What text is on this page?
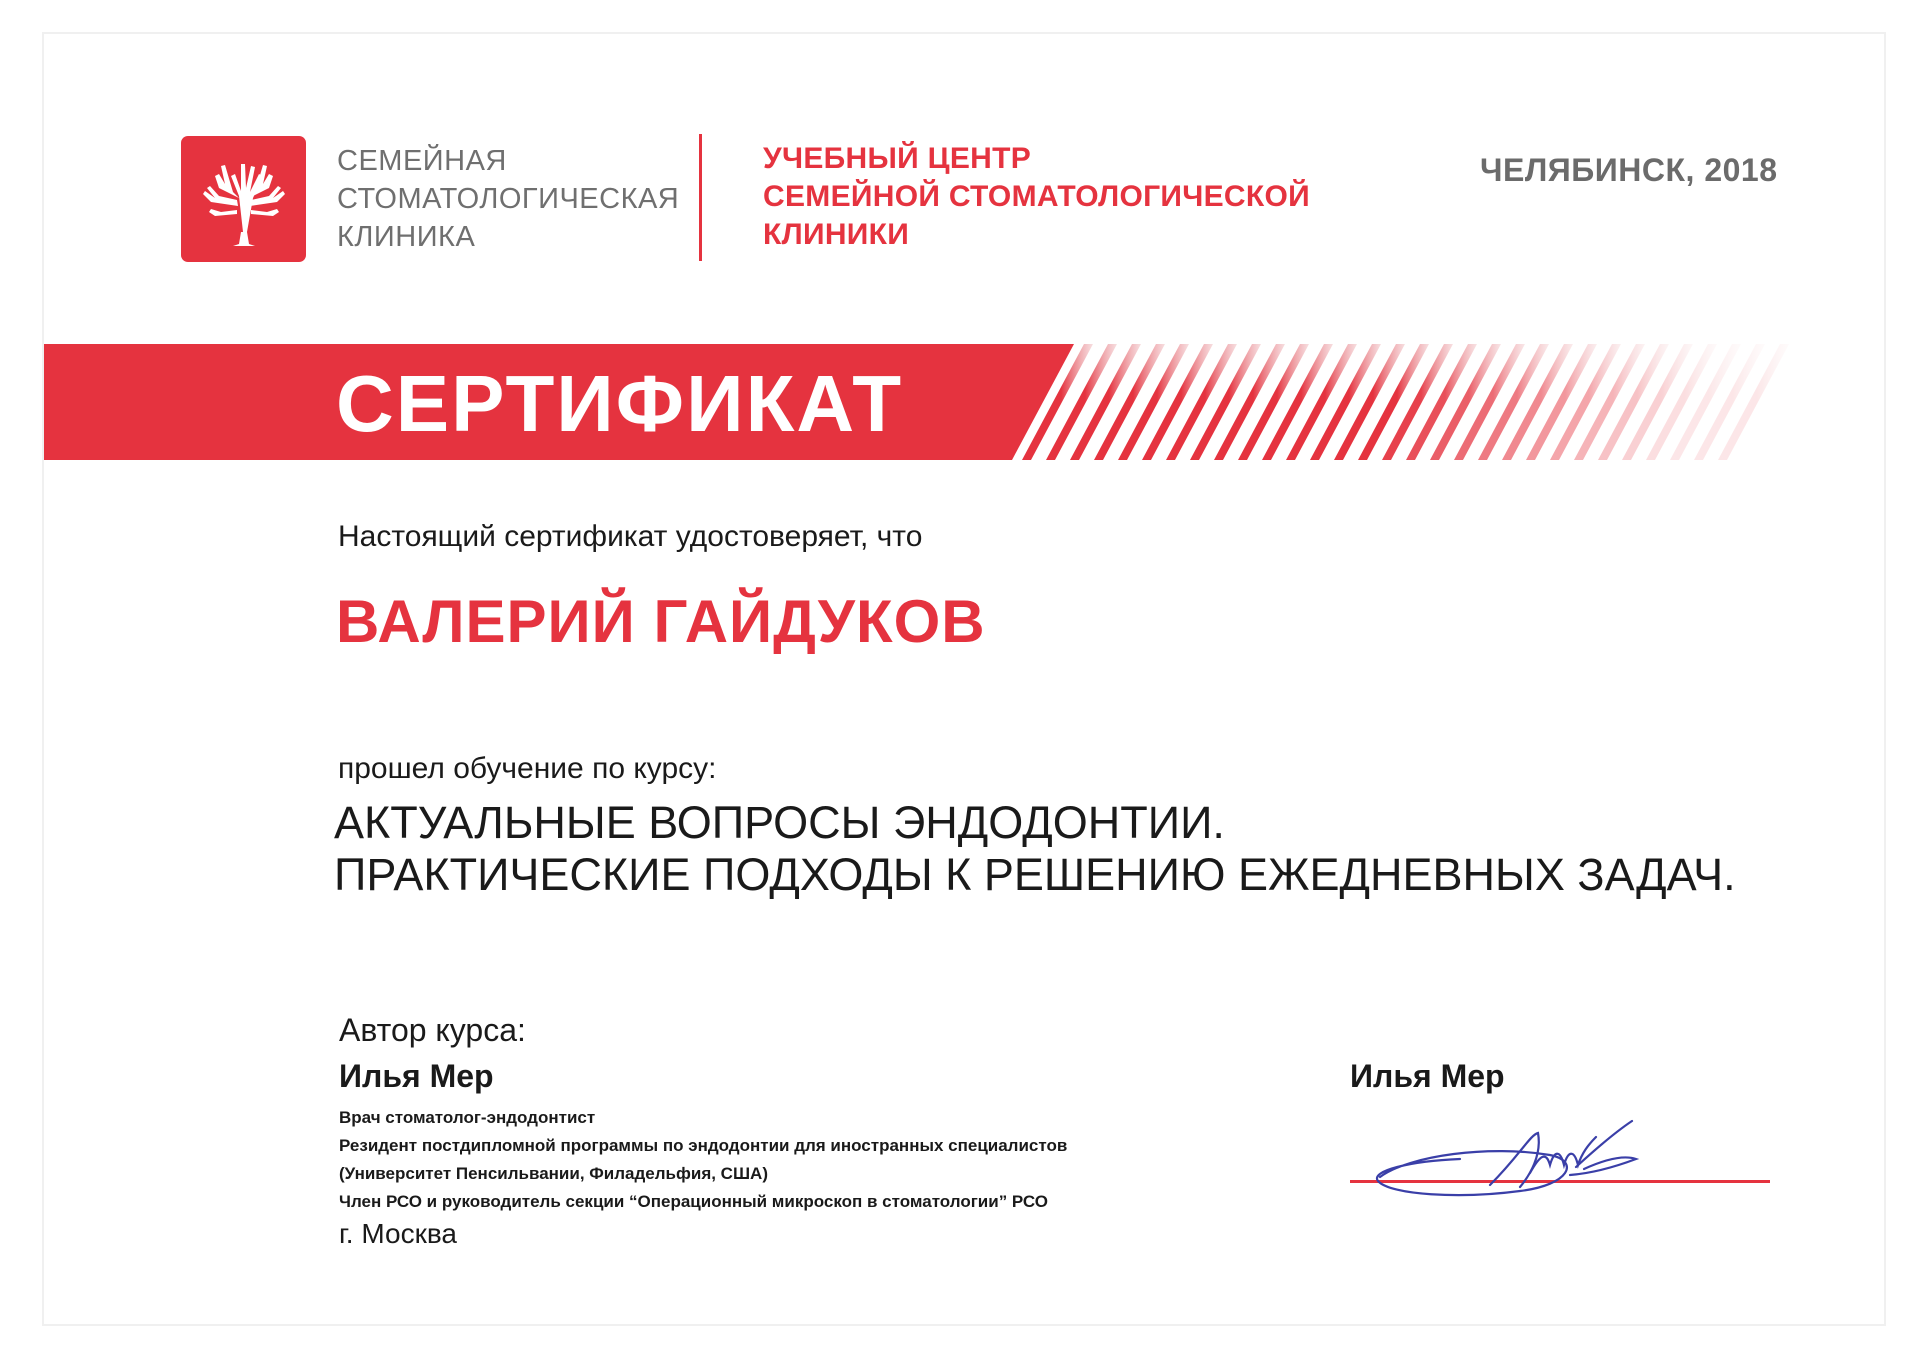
СЕМЕЙНАЯ
СТОМАТОЛОГИЧЕСКАЯ
КЛИНИКА
УЧЕБНЫЙ ЦЕНТР
СЕМЕЙНОЙ СТОМАТОЛОГИЧЕСКОЙ
КЛИНИКИ
ЧЕЛЯБИНСК, 2018
СЕРТИФИКАТ
Настоящий сертификат удостоверяет, что
ВАЛЕРИЙ ГАЙДУКОВ
прошел обучение по курсу:
АКТУАЛЬНЫЕ ВОПРОСЫ ЭНДОДОНТИИ.
ПРАКТИЧЕСКИЕ ПОДХОДЫ К РЕШЕНИЮ ЕЖЕДНЕВНЫХ ЗАДАЧ.
Автор курса:
Илья Мер
Врач стоматолог-эндодонтист
Резидент постдипломной программы по эндодонтии для иностранных специалистов
(Университет Пенсильвании, Филадельфия, США)
Член РСО и руководитель секции “Операционный микроскоп в стоматологии” РСО
г. Москва
Илья Мер
